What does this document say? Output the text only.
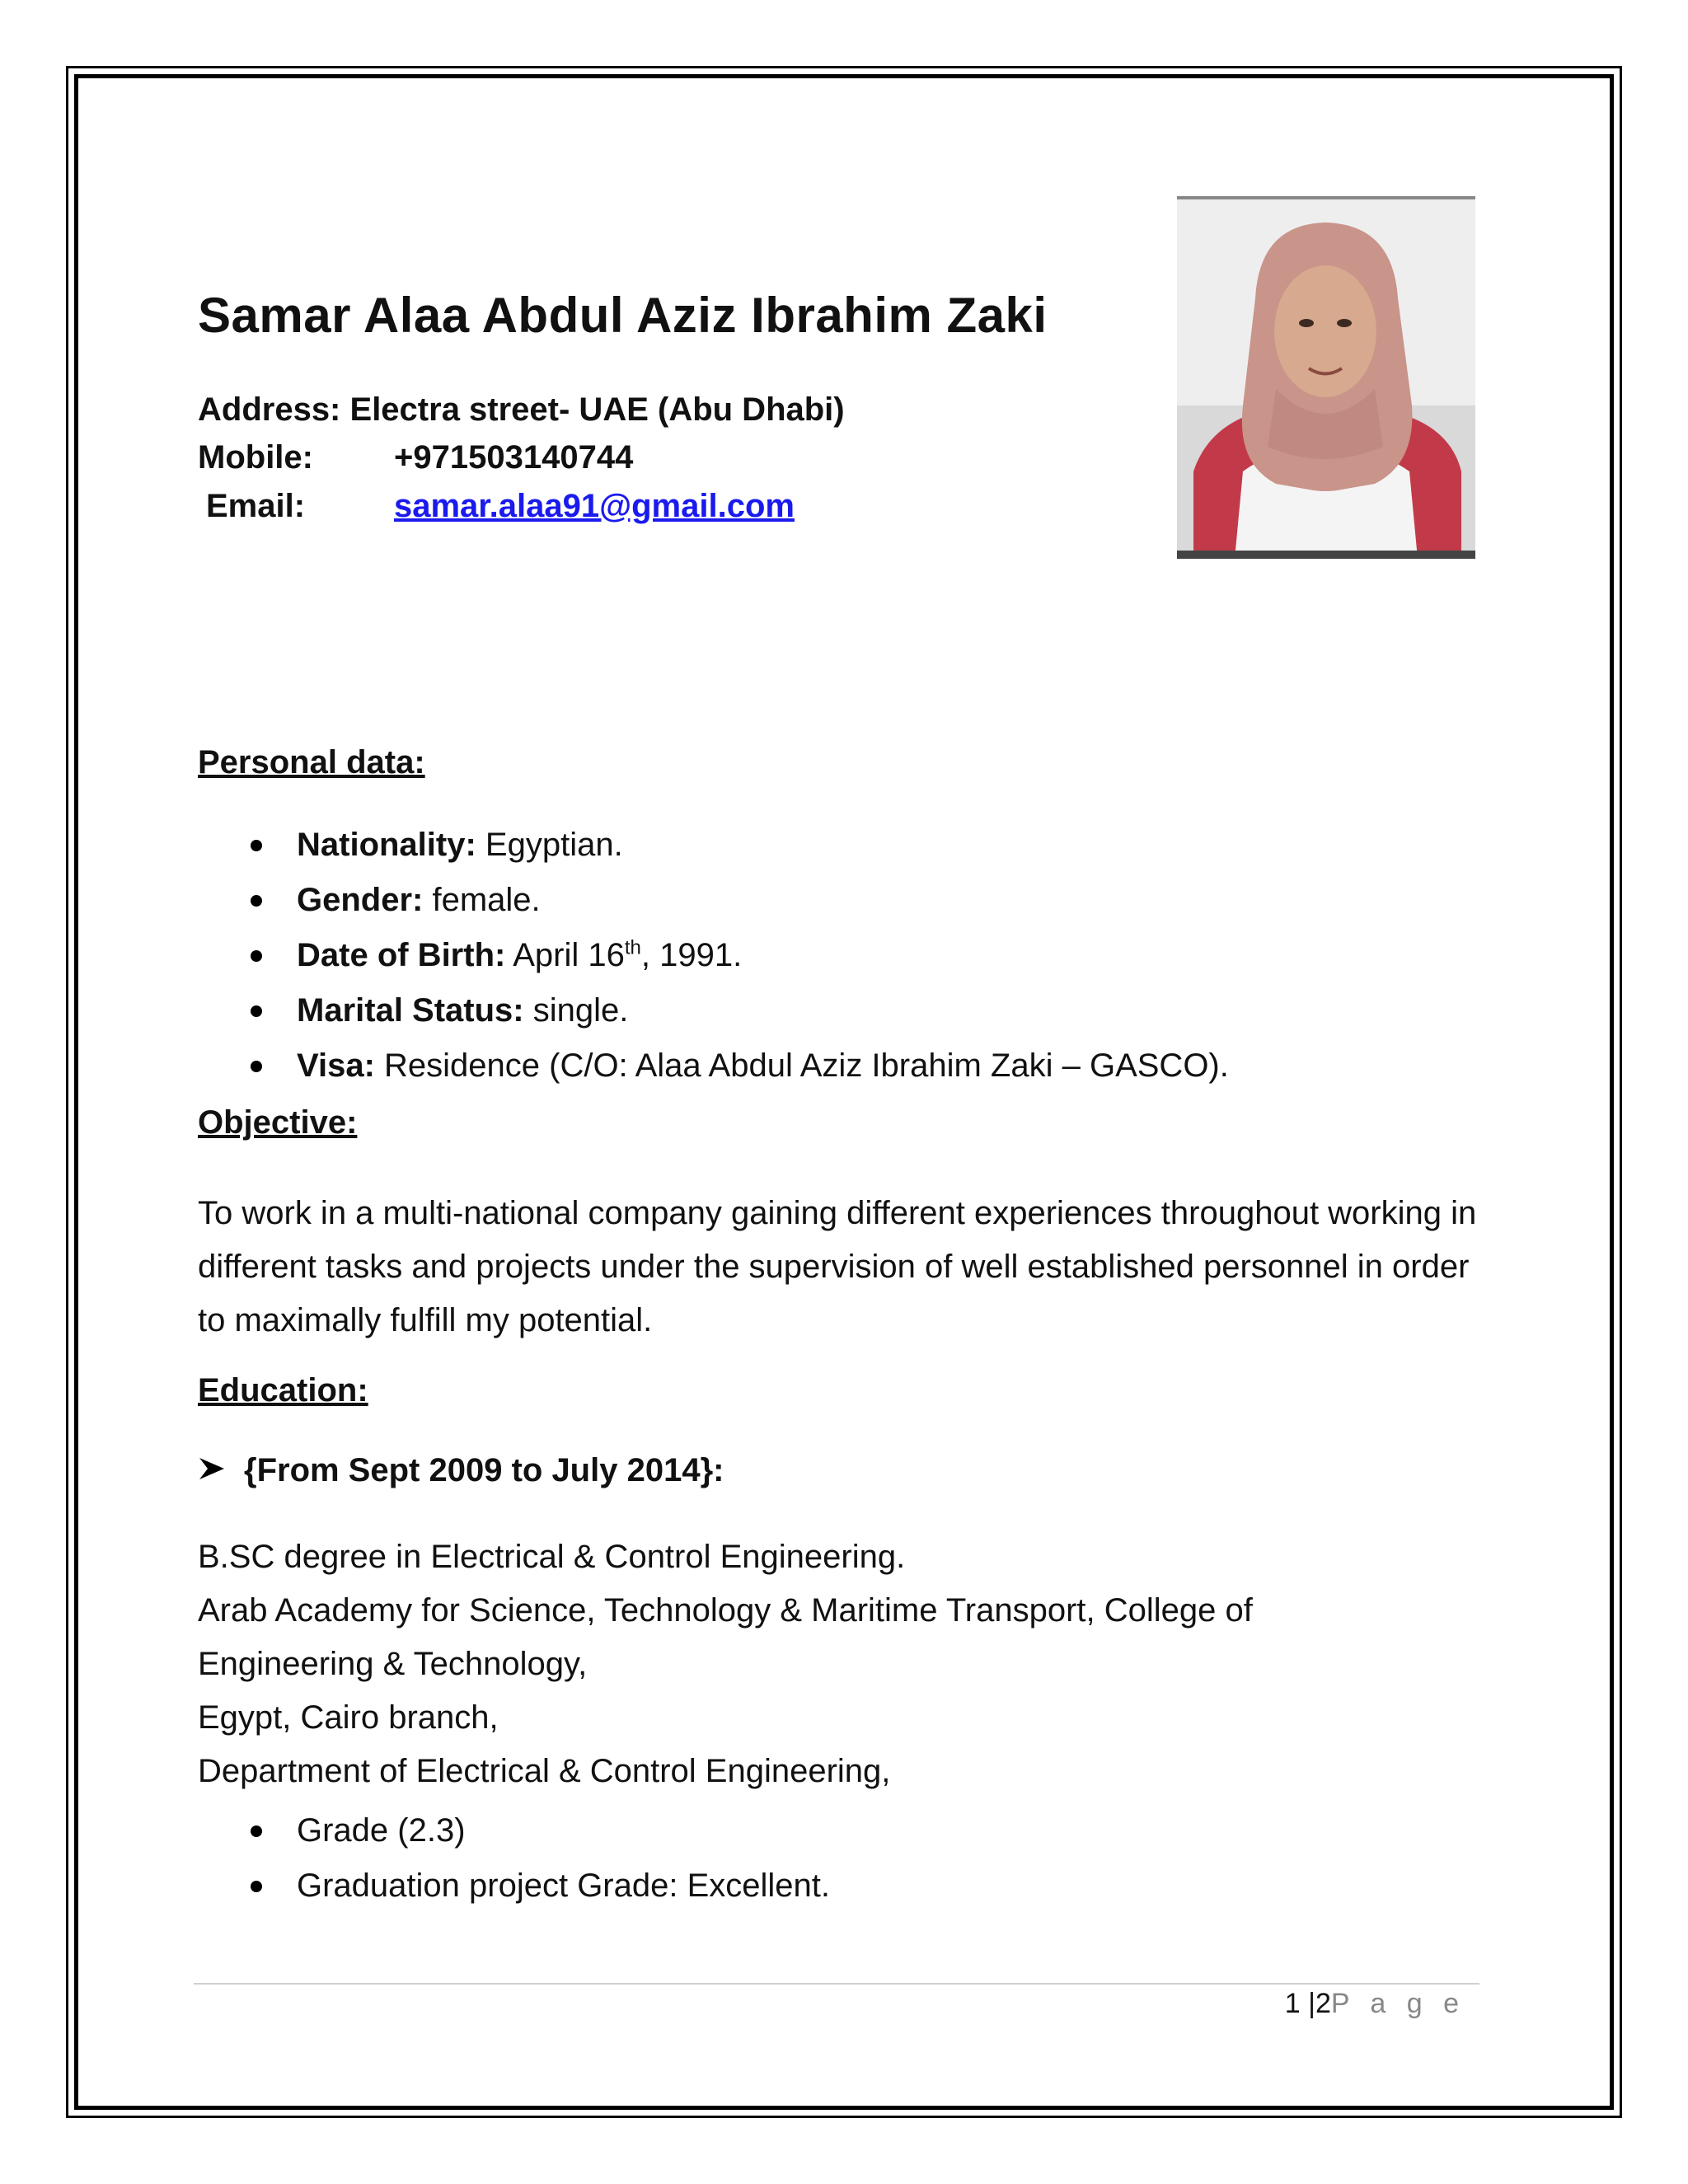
Samar Alaa Abdul Aziz Ibrahim Zaki
Address: Electra street- UAE (Abu Dhabi)
Mobile: +971503140744
Email:	samar.alaa91@gmail.com
Personal data:
Nationality: Egyptian.
Gender: female.
Date of Birth: April 16th, 1991.
Marital Status: single.
Visa: Residence (C/O: Alaa Abdul Aziz Ibrahim Zaki – GASCO).
Objective:
To work in a multi-national company gaining different experiences throughout working in different tasks and projects under the supervision of well established personnel in order to maximally fulfill my potential.
Education:
{From Sept 2009 to July 2014}:
B.SC degree in Electrical & Control Engineering.
Arab Academy for Science, Technology & Maritime Transport, College of
Engineering & Technology,
Egypt, Cairo branch,
Department of Electrical & Control Engineering,
Grade (2.3)
Graduation project Grade: Excellent.
1 |2P a g e
